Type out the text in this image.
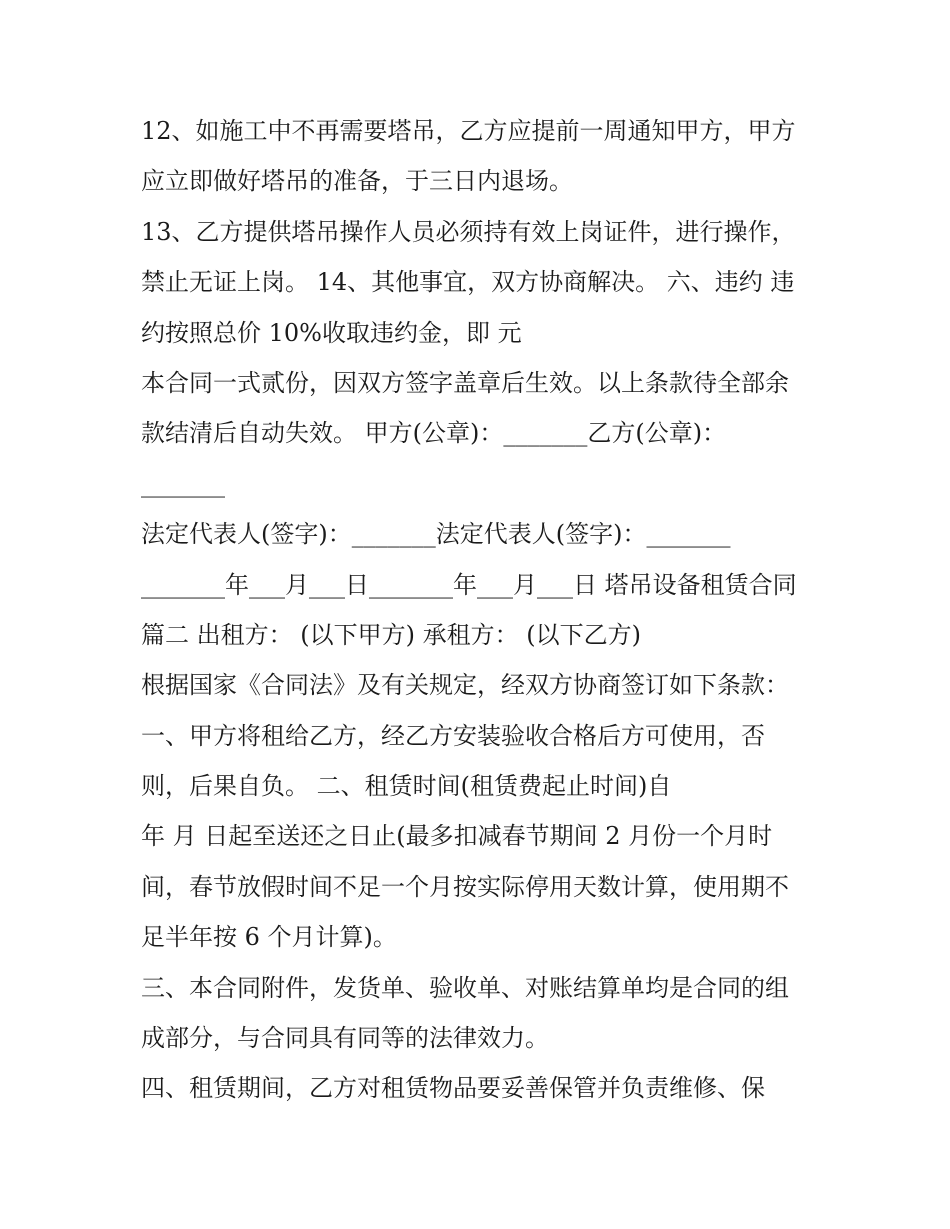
12、如施工中不再需要塔吊，乙方应提前一周通知甲方，甲方
应立即做好塔吊的准备，于三日内退场。
13、乙方提供塔吊操作人员必须持有效上岗证件，进行操作，
禁止无证上岗。 14、其他事宜，双方协商解决。 六、违约 违
约按照总价 10%收取违约金，即 元
本合同一式贰份，因双方签字盖章后生效。以上条款待全部余
款结清后自动失效。 甲方(公章)：_______乙方(公章)：
_______
法定代表人(签字)：_______法定代表人(签字)：_______
_______年___月___日_______年___月___日 塔吊设备租赁合同
篇二 出租方： (以下甲方) 承租方： (以下乙方)
根据国家《合同法》及有关规定，经双方协商签订如下条款：
一、甲方将租给乙方，经乙方安装验收合格后方可使用，否
则，后果自负。 二、租赁时间(租赁费起止时间)自
年 月 日起至送还之日止(最多扣减春节期间 2 月份一个月时
间，春节放假时间不足一个月按实际停用天数计算，使用期不
足半年按 6 个月计算)。
三、本合同附件，发货单、验收单、对账结算单均是合同的组
成部分，与合同具有同等的法律效力。
四、租赁期间，乙方对租赁物品要妥善保管并负责维修、保
